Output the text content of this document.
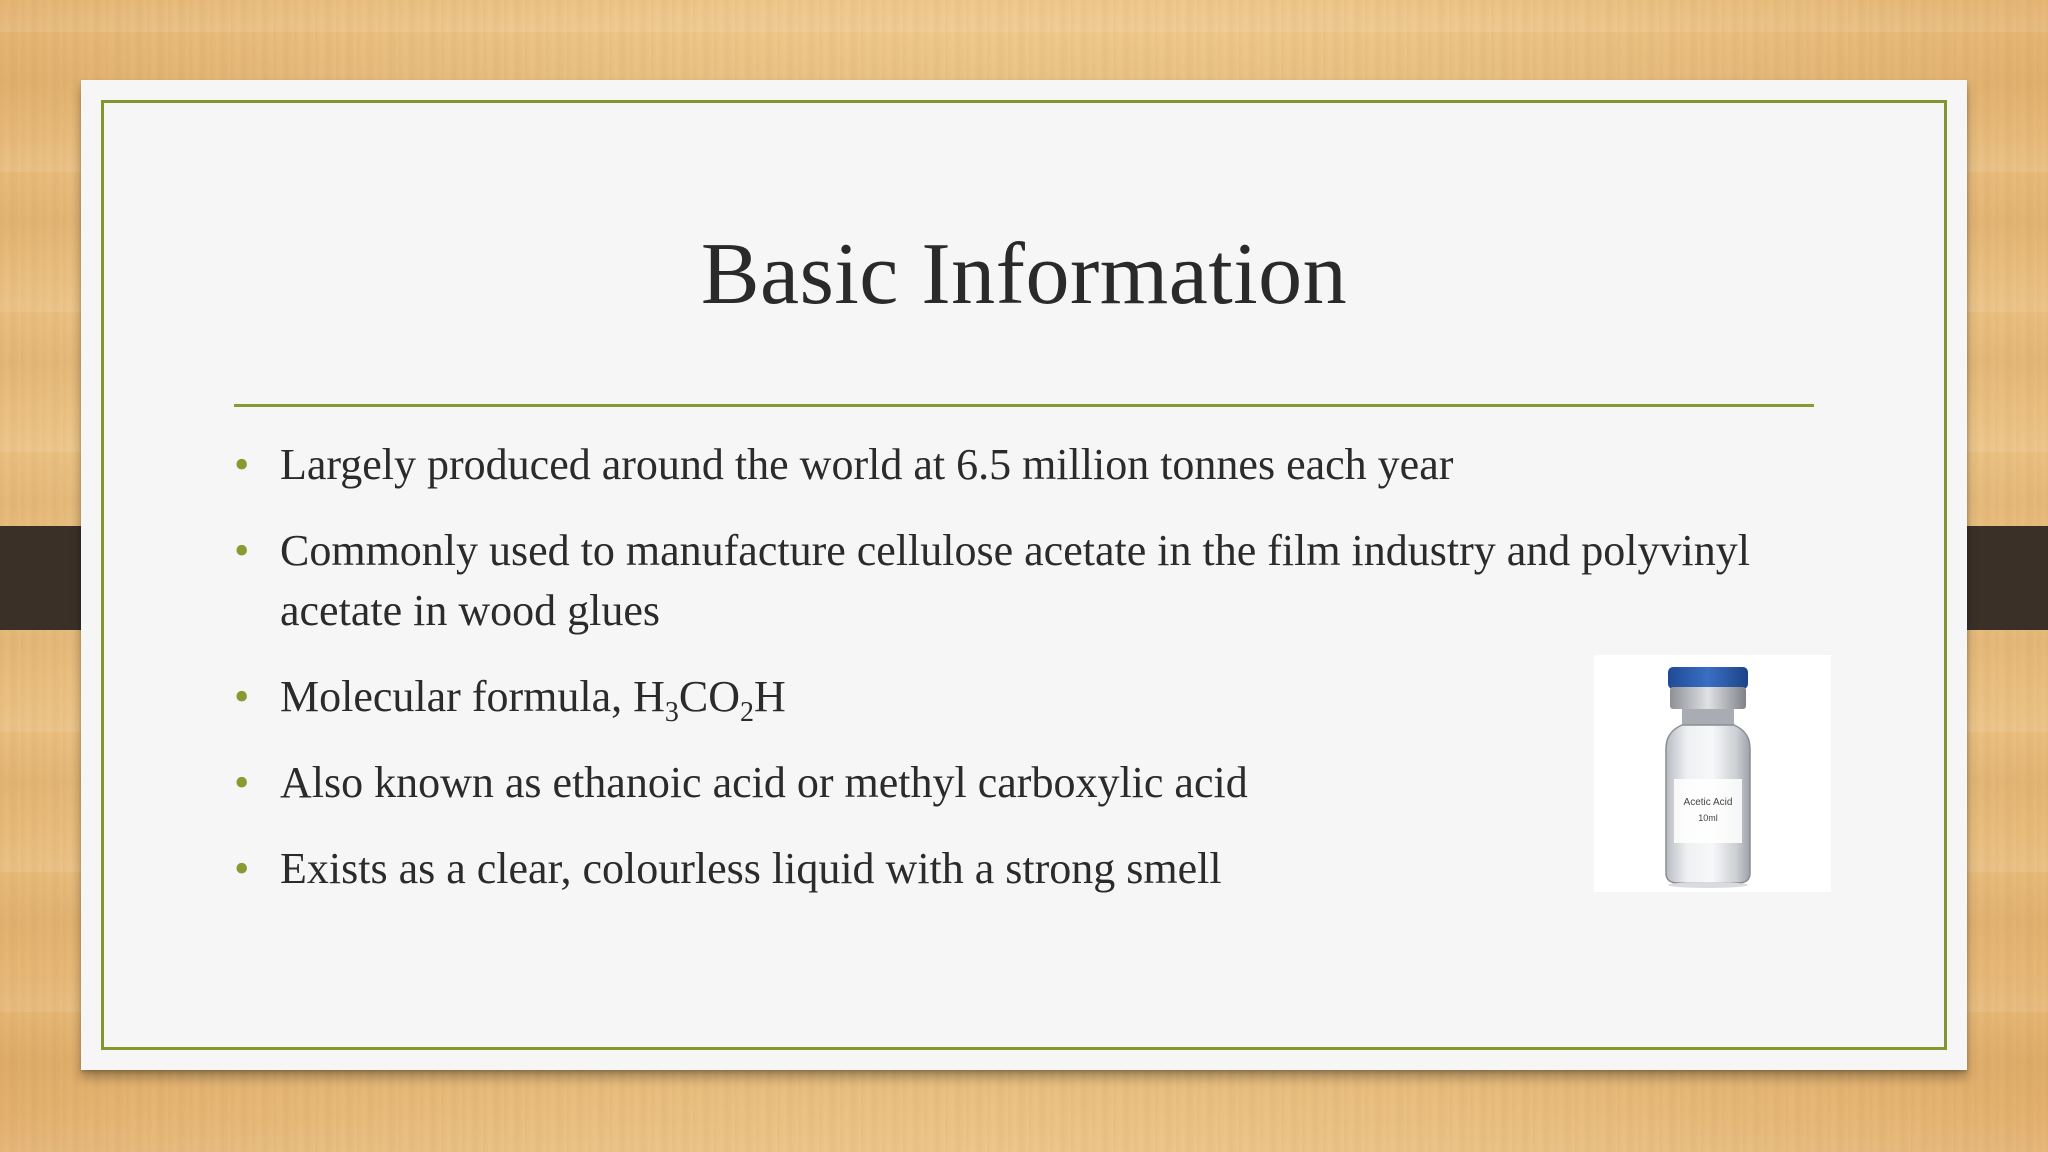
Basic Information
• Largely produced around the world at 6.5 million tonnes each year
• Commonly used to manufacture cellulose acetate in the film industry and polyvinyl acetate in wood glues
• Molecular formula, $H_3CO_2H$
• Also known as ethanoic acid or methyl carboxylic acid
• Exists as a clear, colourless liquid with a strong smell
Acetic Acid
10ml
